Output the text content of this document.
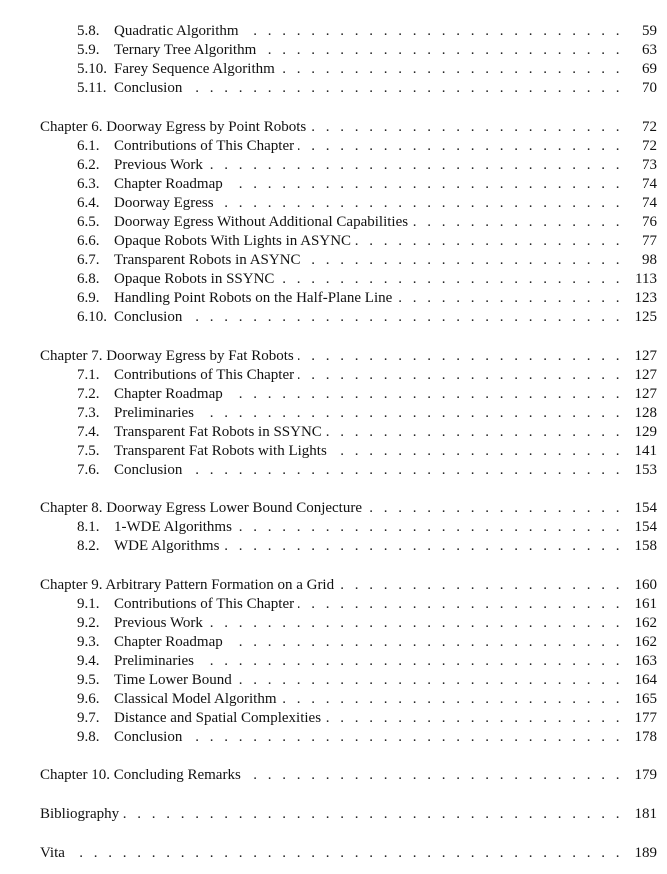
5.8. Quadratic Algorithm . . .	59
5.9. Ternary Tree Algorithm . . .	63
5.10. Farey Sequence Algorithm . . .	69
5.11. Conclusion . . .	70
Chapter 6. Doorway Egress by Point Robots . . .	72
6.1. Contributions of This Chapter . . .	72
6.2. Previous Work . . .	73
6.3. Chapter Roadmap . . .	74
6.4. Doorway Egress . . .	74
6.5. Doorway Egress Without Additional Capabilities . . .	76
6.6. Opaque Robots With Lights in ASYNC . . .	77
6.7. Transparent Robots in ASYNC . . .	98
6.8. Opaque Robots in SSYNC . . .	113
6.9. Handling Point Robots on the Half-Plane Line . . .	123
6.10. Conclusion . . .	125
Chapter 7. Doorway Egress by Fat Robots . . .	127
7.1. Contributions of This Chapter . . .	127
7.2. Chapter Roadmap . . .	127
7.3. Preliminaries . . .	128
7.4. Transparent Fat Robots in SSYNC . . .	129
7.5. Transparent Fat Robots with Lights . . .	141
7.6. Conclusion . . .	153
Chapter 8. Doorway Egress Lower Bound Conjecture . . .	154
8.1. 1-WDE Algorithms . . .	154
8.2. WDE Algorithms . . .	158
Chapter 9. Arbitrary Pattern Formation on a Grid . . .	160
9.1. Contributions of This Chapter . . .	161
9.2. Previous Work . . .	162
9.3. Chapter Roadmap . . .	162
9.4. Preliminaries . . .	163
9.5. Time Lower Bound . . .	164
9.6. Classical Model Algorithm . . .	165
9.7. Distance and Spatial Complexities . . .	177
9.8. Conclusion . . .	178
Chapter 10. Concluding Remarks . . .	179
Bibliography . . .	181
Vita . . .	189
